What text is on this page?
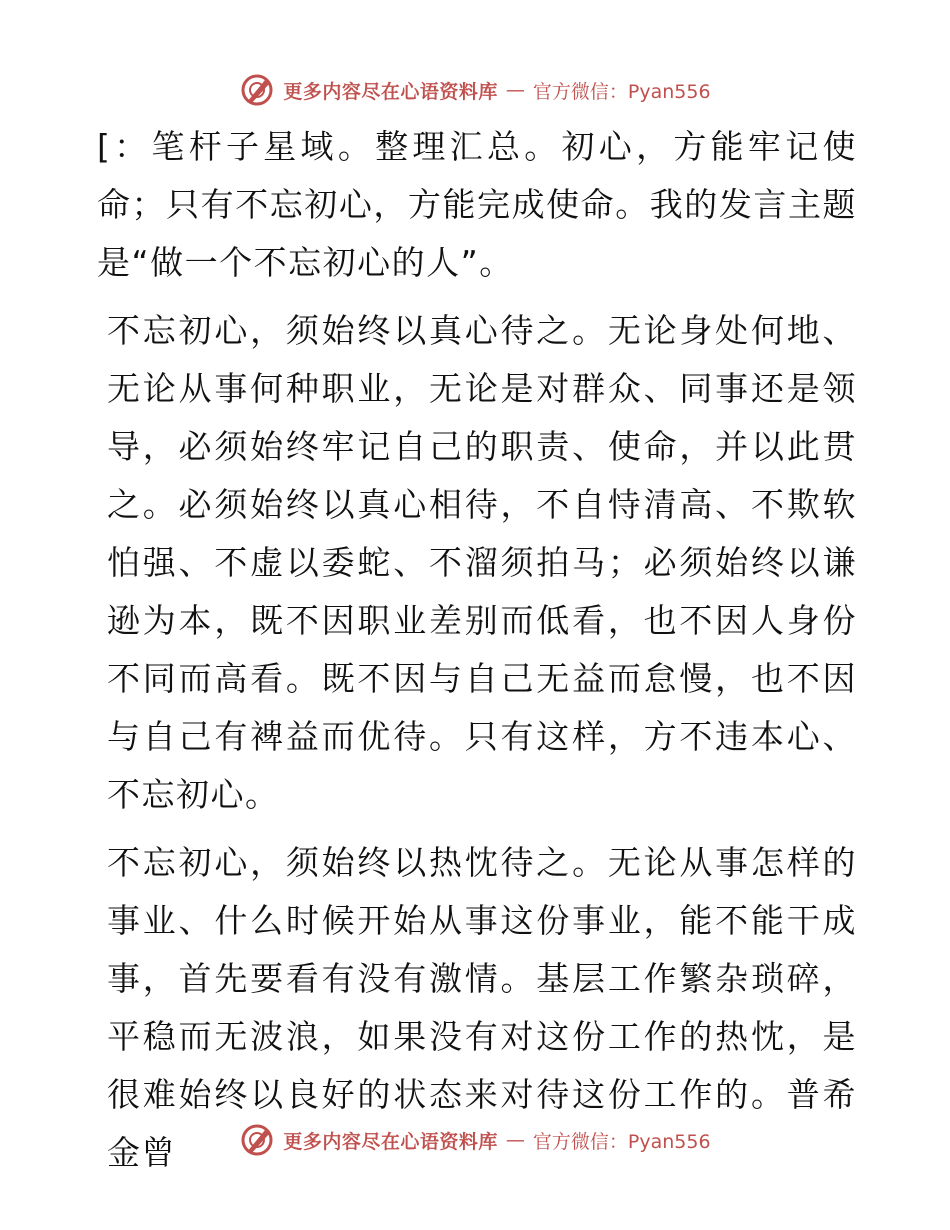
更多内容尽在心语资料库 — 官方微信：Pyan556

[：笔杆子星域。整理汇总。初心，方能牢记使命；只有不忘初心，方能完成使命。我的发言主题是“做一个不忘初心的人”。

不忘初心，须始终以真心待之。无论身处何地、无论从事何种职业，无论是对群众、同事还是领导，必须始终牢记自己的职责、使命，并以此贯之。必须始终以真心相待，不自恃清高、不欺软怕强、不虚以委蛇、不溜须拍马；必须始终以谦逊为本，既不因职业差别而低看，也不因人身份不同而高看。既不因与自己无益而怠慢，也不因与自己有裨益而优待。只有这样，方不违本心、不忘初心。

不忘初心，须始终以热忱待之。无论从事怎样的事业、什么时候开始从事这份事业，能不能干成事，首先要看有没有激情。基层工作繁杂琐碎，平稳而无波浪，如果没有对这份工作的热忱，是很难始终以良好的状态来对待这份工作的。普希金曾	更多内容尽在心语资料库 — 官方微信：Pyan556
